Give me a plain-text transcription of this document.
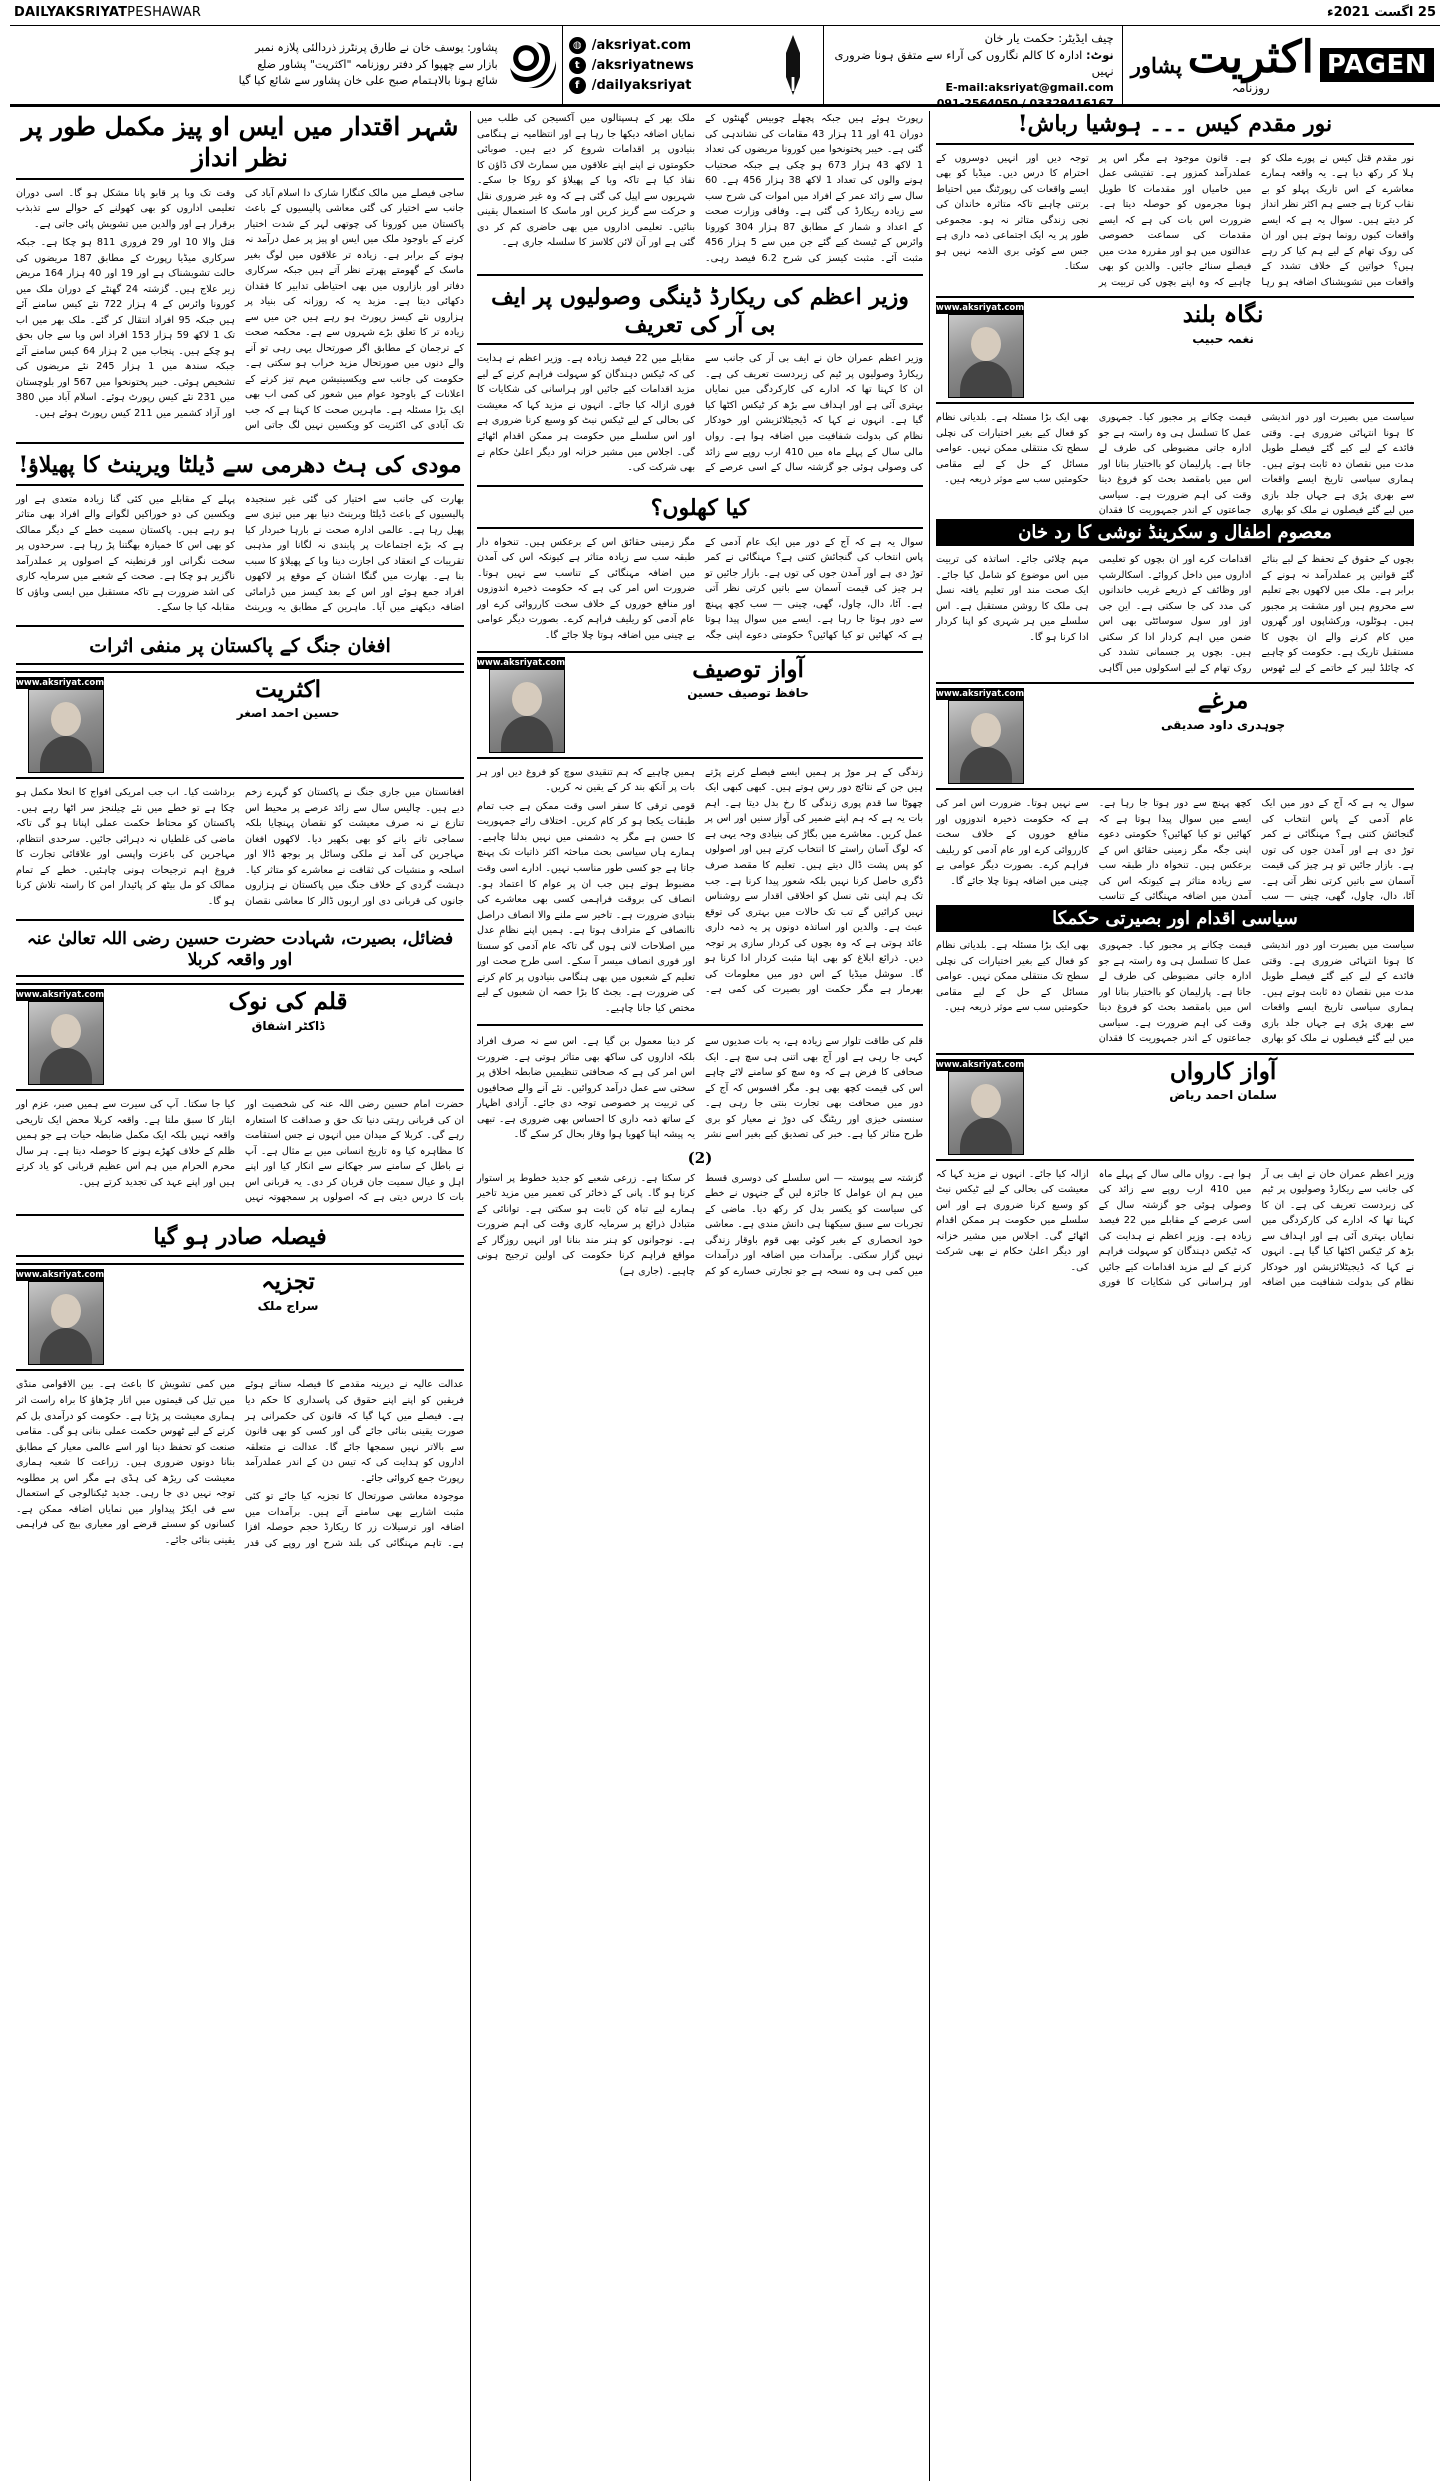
DAILYAKSRIYATPESHAWAR	25 اگست 2021ء
PAGEN
اکثریت
روزنامہ
پشاور
چیف ایڈیٹر: حکمت یار خان
نوٹ: ادارہ کا کالم نگاروں کی آراء سے متفق ہونا ضروری نہیں
E-mail:aksriyat@gmail.com
091-2564050 / 03329416167
◍ /aksriyat.com
t /aksriyatnews
f /dailyaksriyat
پشاور: یوسف خان نے طارق پرنٹرز ذردالئی پلازہ نمبر
بازار سے چھپوا کر دفتر روزنامہ "اکثریت" پشاور ضلع
شائع ہونا بالاہتمام صبح علی خان پشاور سے شائع کیا گیا
شہر اقتدار میں ایس او پیز مکمل طور پر نظر انداز

ساجی فیصلے میں مالک کنگارا شارک دا اسلام آباد کی جانب سے اختیار کی گئی معاشی پالیسیوں کے باعث پاکستان میں کورونا کی چوتھی لہر کے شدت اختیار کرنے کے باوجود ملک میں ایس او پیز پر عمل درآمد نہ ہونے کے برابر ہے۔ زیادہ تر علاقوں میں لوگ بغیر ماسک کے گھومتے پھرتے نظر آتے ہیں جبکہ سرکاری دفاتر اور بازاروں میں بھی احتیاطی تدابیر کا فقدان دکھائی دیتا ہے۔ مزید یہ کہ روزانہ کی بنیاد پر ہزاروں نئے کیسز رپورٹ ہو رہے ہیں جن میں سے زیادہ تر کا تعلق بڑے شہروں سے ہے۔ محکمہ صحت کے ترجمان کے مطابق اگر صورتحال یہی رہی تو آنے والے دنوں میں صورتحال مزید خراب ہو سکتی ہے۔ حکومت کی جانب سے ویکسینیشن مہم تیز کرنے کے اعلانات کے باوجود عوام میں شعور کی کمی اب بھی ایک بڑا مسئلہ ہے۔ ماہرین صحت کا کہنا ہے کہ جب تک آبادی کی اکثریت کو ویکسین نہیں لگ جاتی اس وقت تک وبا پر قابو پانا مشکل ہو گا۔ اسی دوران تعلیمی اداروں کو بھی کھولنے کے حوالے سے تذبذب برقرار ہے اور والدین میں تشویش پائی جاتی ہے۔

قتل والا 10 اور 29 فروری 811 ہو چکا ہے۔ جبکہ سرکاری میڈیا رپورٹ کے مطابق 187 مریضوں کی حالت تشویشناک ہے اور 19 اور 40 ہزار 164 مریض زیر علاج ہیں۔ گزشتہ 24 گھنٹے کے دوران ملک میں کورونا وائرس کے 4 ہزار 722 نئے کیس سامنے آئے ہیں جبکہ 95 افراد انتقال کر گئے۔ ملک بھر میں اب تک 1 لاکھ 59 ہزار 153 افراد اس وبا سے جاں بحق ہو چکے ہیں۔ پنجاب میں 2 ہزار 64 کیس سامنے آئے جبکہ سندھ میں 1 ہزار 245 نئے مریضوں کی تشخیص ہوئی۔ خیبر پختونخوا میں 567 اور بلوچستان میں 231 نئے کیس رپورٹ ہوئے۔ اسلام آباد میں 380 اور آزاد کشمیر میں 211 کیس رپورٹ ہوئے ہیں۔

مودی کی ہٹ دھرمی سے ڈیلٹا ویرینٹ کا پھیلاؤ!

بھارت کی جانب سے اختیار کی گئی غیر سنجیدہ پالیسیوں کے باعث ڈیلٹا ویرینٹ دنیا بھر میں تیزی سے پھیل رہا ہے۔ عالمی ادارہ صحت نے بارہا خبردار کیا ہے کہ بڑے اجتماعات پر پابندی نہ لگانا اور مذہبی تقریبات کے انعقاد کی اجازت دینا وبا کے پھیلاؤ کا سبب بنا ہے۔ بھارت میں گنگا اشنان کے موقع پر لاکھوں افراد جمع ہوئے اور اس کے بعد کیسز میں ڈرامائی اضافہ دیکھنے میں آیا۔ ماہرین کے مطابق یہ ویرینٹ پہلے کے مقابلے میں کئی گنا زیادہ متعدی ہے اور ویکسین کی دو خوراکیں لگوانے والے افراد بھی متاثر ہو رہے ہیں۔ پاکستان سمیت خطے کے دیگر ممالک کو بھی اس کا خمیازہ بھگتنا پڑ رہا ہے۔ سرحدوں پر سخت نگرانی اور قرنطینہ کے اصولوں پر عملدرآمد ناگزیر ہو چکا ہے۔ صحت کے شعبے میں سرمایہ کاری کی اشد ضرورت ہے تاکہ مستقبل میں ایسی وباؤں کا مقابلہ کیا جا سکے۔

افغان جنگ کے پاکستان پر منفی اثرات
www.aksriyat.com	اکثریت
حسین احمد اصغر

افغانستان میں جاری جنگ نے پاکستان کو گہرے زخم دیے ہیں۔ چالیس سال سے زائد عرصے پر محیط اس تنازع نے نہ صرف معیشت کو نقصان پہنچایا بلکہ سماجی تانے بانے کو بھی بکھیر دیا۔ لاکھوں افغان مہاجرین کی آمد نے ملکی وسائل پر بوجھ ڈالا اور اسلحہ و منشیات کی ثقافت نے معاشرے کو متاثر کیا۔ دہشت گردی کے خلاف جنگ میں پاکستان نے ہزاروں جانوں کی قربانی دی اور اربوں ڈالر کا معاشی نقصان برداشت کیا۔ اب جب امریکی افواج کا انخلا مکمل ہو چکا ہے تو خطے میں نئے چیلنجز سر اٹھا رہے ہیں۔ پاکستان کو محتاط حکمت عملی اپنانا ہو گی تاکہ ماضی کی غلطیاں نہ دہرائی جائیں۔ سرحدی انتظام، مہاجرین کی باعزت واپسی اور علاقائی تجارت کا فروغ اہم ترجیحات ہونی چاہئیں۔ خطے کے تمام ممالک کو مل بیٹھ کر پائیدار امن کا راستہ تلاش کرنا ہو گا۔

فضائل، بصیرت، شہادت حضرت حسین رضی اللہ تعالیٰ عنہ اور واقعہ کربلا
www.aksriyat.com	قلم کی نوک
ڈاکٹر اشفاق

حضرت امام حسین رضی اللہ عنہ کی شخصیت اور ان کی قربانی رہتی دنیا تک حق و صداقت کا استعارہ رہے گی۔ کربلا کے میدان میں انہوں نے جس استقامت کا مظاہرہ کیا وہ تاریخ انسانی میں بے مثال ہے۔ آپ نے باطل کے سامنے سر جھکانے سے انکار کیا اور اپنے اہل و عیال سمیت جان قربان کر دی۔ یہ قربانی اس بات کا درس دیتی ہے کہ اصولوں پر سمجھوتہ نہیں کیا جا سکتا۔ آپ کی سیرت سے ہمیں صبر، عزم اور ایثار کا سبق ملتا ہے۔ واقعہ کربلا محض ایک تاریخی واقعہ نہیں بلکہ ایک مکمل ضابطہ حیات ہے جو ہمیں ظلم کے خلاف کھڑے ہونے کا حوصلہ دیتا ہے۔ ہر سال محرم الحرام میں ہم اس عظیم قربانی کو یاد کرتے ہیں اور اپنے عہد کی تجدید کرتے ہیں۔

فیصلہ صادر ہو گیا
www.aksriyat.com	تجزیہ
سراج ملک

عدالت عالیہ نے دیرینہ مقدمے کا فیصلہ سناتے ہوئے فریقین کو اپنے اپنے حقوق کی پاسداری کا حکم دیا ہے۔ فیصلے میں کہا گیا کہ قانون کی حکمرانی ہر صورت یقینی بنائی جائے گی اور کسی کو بھی قانون سے بالاتر نہیں سمجھا جائے گا۔ عدالت نے متعلقہ اداروں کو ہدایت کی کہ تیس دن کے اندر عملدرآمد رپورٹ جمع کروائی جائے۔

موجودہ معاشی صورتحال کا تجزیہ کیا جائے تو کئی مثبت اشاریے بھی سامنے آتے ہیں۔ برآمدات میں اضافہ اور ترسیلات زر کا ریکارڈ حجم حوصلہ افزا ہے۔ تاہم مہنگائی کی بلند شرح اور روپے کی قدر میں کمی تشویش کا باعث ہے۔ بین الاقوامی منڈی میں تیل کی قیمتوں میں اتار چڑھاؤ کا براہ راست اثر ہماری معیشت پر پڑتا ہے۔ حکومت کو درآمدی بل کم کرنے کے لیے ٹھوس حکمت عملی بنانی ہو گی۔ مقامی صنعت کو تحفظ دینا اور اسے عالمی معیار کے مطابق بنانا دونوں ضروری ہیں۔ زراعت کا شعبہ ہماری معیشت کی ریڑھ کی ہڈی ہے مگر اس پر مطلوبہ توجہ نہیں دی جا رہی۔ جدید ٹیکنالوجی کے استعمال سے فی ایکڑ پیداوار میں نمایاں اضافہ ممکن ہے۔ کسانوں کو سستے قرضے اور معیاری بیج کی فراہمی یقینی بنائی جائے۔

رپورٹ ہوئے ہیں جبکہ پچھلے چوبیس گھنٹوں کے دوران 41 اور 11 ہزار 43 مقامات کی نشاندہی کی گئی ہے۔ خیبر پختونخوا میں کورونا مریضوں کی تعداد 1 لاکھ 43 ہزار 673 ہو چکی ہے جبکہ صحتیاب ہونے والوں کی تعداد 1 لاکھ 38 ہزار 456 ہے۔ 60 سال سے زائد عمر کے افراد میں اموات کی شرح سب سے زیادہ ریکارڈ کی گئی ہے۔ وفاقی وزارت صحت کے اعداد و شمار کے مطابق 87 ہزار 304 کورونا وائرس کے ٹیسٹ کیے گئے جن میں سے 5 ہزار 456 مثبت آئے۔ مثبت کیسز کی شرح 6.2 فیصد رہی۔ ملک بھر کے ہسپتالوں میں آکسیجن کی طلب میں نمایاں اضافہ دیکھا جا رہا ہے اور انتظامیہ نے ہنگامی بنیادوں پر اقدامات شروع کر دیے ہیں۔ صوبائی حکومتوں نے اپنے اپنے علاقوں میں سمارٹ لاک ڈاؤن کا نفاذ کیا ہے تاکہ وبا کے پھیلاؤ کو روکا جا سکے۔ شہریوں سے اپیل کی گئی ہے کہ وہ غیر ضروری نقل و حرکت سے گریز کریں اور ماسک کا استعمال یقینی بنائیں۔ تعلیمی اداروں میں بھی حاضری کم کر دی گئی ہے اور آن لائن کلاسز کا سلسلہ جاری ہے۔

وزیر اعظم کی ریکارڈ ڈینگی وصولیوں پر ایف بی آر کی تعریف

وزیر اعظم عمران خان نے ایف بی آر کی جانب سے ریکارڈ وصولیوں پر ٹیم کی زبردست تعریف کی ہے۔ ان کا کہنا تھا کہ ادارے کی کارکردگی میں نمایاں بہتری آئی ہے اور اہداف سے بڑھ کر ٹیکس اکٹھا کیا گیا ہے۔ انہوں نے کہا کہ ڈیجیٹلائزیشن اور خودکار نظام کی بدولت شفافیت میں اضافہ ہوا ہے۔ رواں مالی سال کے پہلے ماہ میں 410 ارب روپے سے زائد کی وصولی ہوئی جو گزشتہ سال کے اسی عرصے کے مقابلے میں 22 فیصد زیادہ ہے۔ وزیر اعظم نے ہدایت کی کہ ٹیکس دہندگان کو سہولت فراہم کرنے کے لیے مزید اقدامات کیے جائیں اور ہراسانی کی شکایات کا فوری ازالہ کیا جائے۔ انہوں نے مزید کہا کہ معیشت کی بحالی کے لیے ٹیکس نیٹ کو وسیع کرنا ضروری ہے اور اس سلسلے میں حکومت ہر ممکن اقدام اٹھائے گی۔ اجلاس میں مشیر خزانہ اور دیگر اعلیٰ حکام نے بھی شرکت کی۔

کیا کھلوں؟

سوال یہ ہے کہ آج کے دور میں ایک عام آدمی کے پاس انتخاب کی گنجائش کتنی ہے؟ مہنگائی نے کمر توڑ دی ہے اور آمدن جوں کی توں ہے۔ بازار جائیں تو ہر چیز کی قیمت آسمان سے باتیں کرتی نظر آتی ہے۔ آٹا، دال، چاول، گھی، چینی — سب کچھ پہنچ سے دور ہوتا جا رہا ہے۔ ایسے میں سوال پیدا ہوتا ہے کہ کھائیں تو کیا کھائیں؟ حکومتی دعوے اپنی جگہ مگر زمینی حقائق اس کے برعکس ہیں۔ تنخواہ دار طبقہ سب سے زیادہ متاثر ہے کیونکہ اس کی آمدن میں اضافہ مہنگائی کے تناسب سے نہیں ہوتا۔ ضرورت اس امر کی ہے کہ حکومت ذخیرہ اندوزوں اور منافع خوروں کے خلاف سخت کارروائی کرے اور عام آدمی کو ریلیف فراہم کرے۔ بصورت دیگر عوامی بے چینی میں اضافہ ہوتا چلا جائے گا۔

www.aksriyat.com	آواز توصیف
حافظ توصیف حسین

زندگی کے ہر موڑ پر ہمیں ایسے فیصلے کرنے پڑتے ہیں جن کے نتائج دور رس ہوتے ہیں۔ کبھی کبھی ایک چھوٹا سا قدم پوری زندگی کا رخ بدل دیتا ہے۔ اہم بات یہ ہے کہ ہم اپنے ضمیر کی آواز سنیں اور اس پر عمل کریں۔ معاشرے میں بگاڑ کی بنیادی وجہ یہی ہے کہ لوگ آسان راستے کا انتخاب کرتے ہیں اور اصولوں کو پس پشت ڈال دیتے ہیں۔ تعلیم کا مقصد صرف ڈگری حاصل کرنا نہیں بلکہ شعور پیدا کرنا ہے۔ جب تک ہم اپنی نئی نسل کو اخلاقی اقدار سے روشناس نہیں کرائیں گے تب تک حالات میں بہتری کی توقع عبث ہے۔ والدین اور اساتذہ دونوں پر یہ ذمہ داری عائد ہوتی ہے کہ وہ بچوں کی کردار سازی پر توجہ دیں۔ ذرائع ابلاغ کو بھی اپنا مثبت کردار ادا کرنا ہو گا۔ سوشل میڈیا کے اس دور میں معلومات کی بھرمار ہے مگر حکمت اور بصیرت کی کمی ہے۔ ہمیں چاہیے کہ ہم تنقیدی سوچ کو فروغ دیں اور ہر بات پر آنکھ بند کر کے یقین نہ کریں۔

قومی ترقی کا سفر اسی وقت ممکن ہے جب تمام طبقات یکجا ہو کر کام کریں۔ اختلاف رائے جمہوریت کا حسن ہے مگر یہ دشمنی میں نہیں بدلنا چاہیے۔ ہمارے ہاں سیاسی بحث مباحثہ اکثر ذاتیات تک پہنچ جاتا ہے جو کسی طور مناسب نہیں۔ ادارے اسی وقت مضبوط ہوتے ہیں جب ان پر عوام کا اعتماد ہو۔ انصاف کی بروقت فراہمی کسی بھی معاشرے کی بنیادی ضرورت ہے۔ تاخیر سے ملنے والا انصاف دراصل ناانصافی کے مترادف ہوتا ہے۔ ہمیں اپنے نظامِ عدل میں اصلاحات لانی ہوں گی تاکہ عام آدمی کو سستا اور فوری انصاف میسر آ سکے۔ اسی طرح صحت اور تعلیم کے شعبوں میں بھی ہنگامی بنیادوں پر کام کرنے کی ضرورت ہے۔ بجٹ کا بڑا حصہ ان شعبوں کے لیے مختص کیا جانا چاہیے۔

قلم کی طاقت تلوار سے زیادہ ہے، یہ بات صدیوں سے کہی جا رہی ہے اور آج بھی اتنی ہی سچ ہے۔ ایک صحافی کا فرض ہے کہ وہ سچ کو سامنے لائے چاہے اس کی قیمت کچھ بھی ہو۔ مگر افسوس کہ آج کے دور میں صحافت بھی تجارت بنتی جا رہی ہے۔ سنسنی خیزی اور ریٹنگ کی دوڑ نے معیار کو بری طرح متاثر کیا ہے۔ خبر کی تصدیق کیے بغیر اسے نشر کر دینا معمول بن گیا ہے۔ اس سے نہ صرف افراد بلکہ اداروں کی ساکھ بھی متاثر ہوتی ہے۔ ضرورت اس امر کی ہے کہ صحافتی تنظیمیں ضابطہ اخلاق پر سختی سے عمل درآمد کروائیں۔ نئے آنے والے صحافیوں کی تربیت پر خصوصی توجہ دی جائے۔ آزادی اظہار کے ساتھ ذمہ داری کا احساس بھی ضروری ہے۔ تبھی یہ پیشہ اپنا کھویا ہوا وقار بحال کر سکے گا۔

(2)

گزشتہ سے پیوستہ — اس سلسلے کی دوسری قسط میں ہم ان عوامل کا جائزہ لیں گے جنہوں نے خطے کی سیاست کو یکسر بدل کر رکھ دیا۔ ماضی کے تجربات سے سبق سیکھنا ہی دانش مندی ہے۔ معاشی خود انحصاری کے بغیر کوئی بھی قوم باوقار زندگی نہیں گزار سکتی۔ برآمدات میں اضافہ اور درآمدات میں کمی ہی وہ نسخہ ہے جو تجارتی خسارے کو کم کر سکتا ہے۔ زرعی شعبے کو جدید خطوط پر استوار کرنا ہو گا۔ پانی کے ذخائر کی تعمیر میں مزید تاخیر ہمارے لیے تباہ کن ثابت ہو سکتی ہے۔ توانائی کے متبادل ذرائع پر سرمایہ کاری وقت کی اہم ضرورت ہے۔ نوجوانوں کو ہنر مند بنانا اور انہیں روزگار کے مواقع فراہم کرنا حکومت کی اولین ترجیح ہونی چاہیے۔ (جاری ہے)

نور مقدم کیس ۔۔۔ ہوشیا رباش!

نور مقدم قتل کیس نے پورے ملک کو ہلا کر رکھ دیا ہے۔ یہ واقعہ ہمارے معاشرے کے اس تاریک پہلو کو بے نقاب کرتا ہے جسے ہم اکثر نظر انداز کر دیتے ہیں۔ سوال یہ ہے کہ ایسے واقعات کیوں رونما ہوتے ہیں اور ان کی روک تھام کے لیے ہم کیا کر رہے ہیں؟ خواتین کے خلاف تشدد کے واقعات میں تشویشناک اضافہ ہو رہا ہے۔ قانون موجود ہے مگر اس پر عملدرآمد کمزور ہے۔ تفتیشی عمل میں خامیاں اور مقدمات کا طویل ہونا مجرموں کو حوصلہ دیتا ہے۔ ضرورت اس بات کی ہے کہ ایسے مقدمات کی سماعت خصوصی عدالتوں میں ہو اور مقررہ مدت میں فیصلے سنائے جائیں۔ والدین کو بھی چاہیے کہ وہ اپنے بچوں کی تربیت پر توجہ دیں اور انہیں دوسروں کے احترام کا درس دیں۔ میڈیا کو بھی ایسے واقعات کی رپورٹنگ میں احتیاط برتنی چاہیے تاکہ متاثرہ خاندان کی نجی زندگی متاثر نہ ہو۔ مجموعی طور پر یہ ایک اجتماعی ذمہ داری ہے جس سے کوئی بری الذمہ نہیں ہو سکتا۔

www.aksriyat.com	نگاہ بلند
نغمہ حبیب

سیاست میں بصیرت اور دور اندیشی کا ہونا انتہائی ضروری ہے۔ وقتی فائدے کے لیے کیے گئے فیصلے طویل مدت میں نقصان دہ ثابت ہوتے ہیں۔ ہماری سیاسی تاریخ ایسے واقعات سے بھری پڑی ہے جہاں جلد بازی میں لیے گئے فیصلوں نے ملک کو بھاری قیمت چکانے پر مجبور کیا۔ جمہوری عمل کا تسلسل ہی وہ راستہ ہے جو ادارہ جاتی مضبوطی کی طرف لے جاتا ہے۔ پارلیمان کو بااختیار بنانا اور اس میں بامقصد بحث کو فروغ دینا وقت کی اہم ضرورت ہے۔ سیاسی جماعتوں کے اندر جمہوریت کا فقدان بھی ایک بڑا مسئلہ ہے۔ بلدیاتی نظام کو فعال کیے بغیر اختیارات کی نچلی سطح تک منتقلی ممکن نہیں۔ عوامی مسائل کے حل کے لیے مقامی حکومتیں سب سے موثر ذریعہ ہیں۔

معصوم اطفال و سکرینڈ نوشی کا رد خان

بچوں کے حقوق کے تحفظ کے لیے بنائے گئے قوانین پر عملدرآمد نہ ہونے کے برابر ہے۔ ملک میں لاکھوں بچے تعلیم سے محروم ہیں اور مشقت پر مجبور ہیں۔ ہوٹلوں، ورکشاپوں اور گھروں میں کام کرنے والے ان بچوں کا مستقبل تاریک ہے۔ حکومت کو چاہیے کہ چائلڈ لیبر کے خاتمے کے لیے ٹھوس اقدامات کرے اور ان بچوں کو تعلیمی اداروں میں داخل کروائے۔ اسکالرشپ اور وظائف کے ذریعے غریب خاندانوں کی مدد کی جا سکتی ہے۔ این جی اوز اور سول سوسائٹی بھی اس ضمن میں اہم کردار ادا کر سکتی ہیں۔ بچوں پر جسمانی تشدد کی روک تھام کے لیے اسکولوں میں آگاہی مہم چلائی جائے۔ اساتذہ کی تربیت میں اس موضوع کو شامل کیا جائے۔ ایک صحت مند اور تعلیم یافتہ نسل ہی ملک کا روشن مستقبل ہے۔ اس سلسلے میں ہر شہری کو اپنا کردار ادا کرنا ہو گا۔

www.aksriyat.com	مرغے
چوہدری داود صدیقی

سوال یہ ہے کہ آج کے دور میں ایک عام آدمی کے پاس انتخاب کی گنجائش کتنی ہے؟ مہنگائی نے کمر توڑ دی ہے اور آمدن جوں کی توں ہے۔ بازار جائیں تو ہر چیز کی قیمت آسمان سے باتیں کرتی نظر آتی ہے۔ آٹا، دال، چاول، گھی، چینی — سب کچھ پہنچ سے دور ہوتا جا رہا ہے۔ ایسے میں سوال پیدا ہوتا ہے کہ کھائیں تو کیا کھائیں؟ حکومتی دعوے اپنی جگہ مگر زمینی حقائق اس کے برعکس ہیں۔ تنخواہ دار طبقہ سب سے زیادہ متاثر ہے کیونکہ اس کی آمدن میں اضافہ مہنگائی کے تناسب سے نہیں ہوتا۔ ضرورت اس امر کی ہے کہ حکومت ذخیرہ اندوزوں اور منافع خوروں کے خلاف سخت کارروائی کرے اور عام آدمی کو ریلیف فراہم کرے۔ بصورت دیگر عوامی بے چینی میں اضافہ ہوتا چلا جائے گا۔

سیاسی اقدام اور بصیرتی حکمکا

سیاست میں بصیرت اور دور اندیشی کا ہونا انتہائی ضروری ہے۔ وقتی فائدے کے لیے کیے گئے فیصلے طویل مدت میں نقصان دہ ثابت ہوتے ہیں۔ ہماری سیاسی تاریخ ایسے واقعات سے بھری پڑی ہے جہاں جلد بازی میں لیے گئے فیصلوں نے ملک کو بھاری قیمت چکانے پر مجبور کیا۔ جمہوری عمل کا تسلسل ہی وہ راستہ ہے جو ادارہ جاتی مضبوطی کی طرف لے جاتا ہے۔ پارلیمان کو بااختیار بنانا اور اس میں بامقصد بحث کو فروغ دینا وقت کی اہم ضرورت ہے۔ سیاسی جماعتوں کے اندر جمہوریت کا فقدان بھی ایک بڑا مسئلہ ہے۔ بلدیاتی نظام کو فعال کیے بغیر اختیارات کی نچلی سطح تک منتقلی ممکن نہیں۔ عوامی مسائل کے حل کے لیے مقامی حکومتیں سب سے موثر ذریعہ ہیں۔

www.aksriyat.com	آواز کارواں
سلمان احمد ریاض

وزیر اعظم عمران خان نے ایف بی آر کی جانب سے ریکارڈ وصولیوں پر ٹیم کی زبردست تعریف کی ہے۔ ان کا کہنا تھا کہ ادارے کی کارکردگی میں نمایاں بہتری آئی ہے اور اہداف سے بڑھ کر ٹیکس اکٹھا کیا گیا ہے۔ انہوں نے کہا کہ ڈیجیٹلائزیشن اور خودکار نظام کی بدولت شفافیت میں اضافہ ہوا ہے۔ رواں مالی سال کے پہلے ماہ میں 410 ارب روپے سے زائد کی وصولی ہوئی جو گزشتہ سال کے اسی عرصے کے مقابلے میں 22 فیصد زیادہ ہے۔ وزیر اعظم نے ہدایت کی کہ ٹیکس دہندگان کو سہولت فراہم کرنے کے لیے مزید اقدامات کیے جائیں اور ہراسانی کی شکایات کا فوری ازالہ کیا جائے۔ انہوں نے مزید کہا کہ معیشت کی بحالی کے لیے ٹیکس نیٹ کو وسیع کرنا ضروری ہے اور اس سلسلے میں حکومت ہر ممکن اقدام اٹھائے گی۔ اجلاس میں مشیر خزانہ اور دیگر اعلیٰ حکام نے بھی شرکت کی۔
